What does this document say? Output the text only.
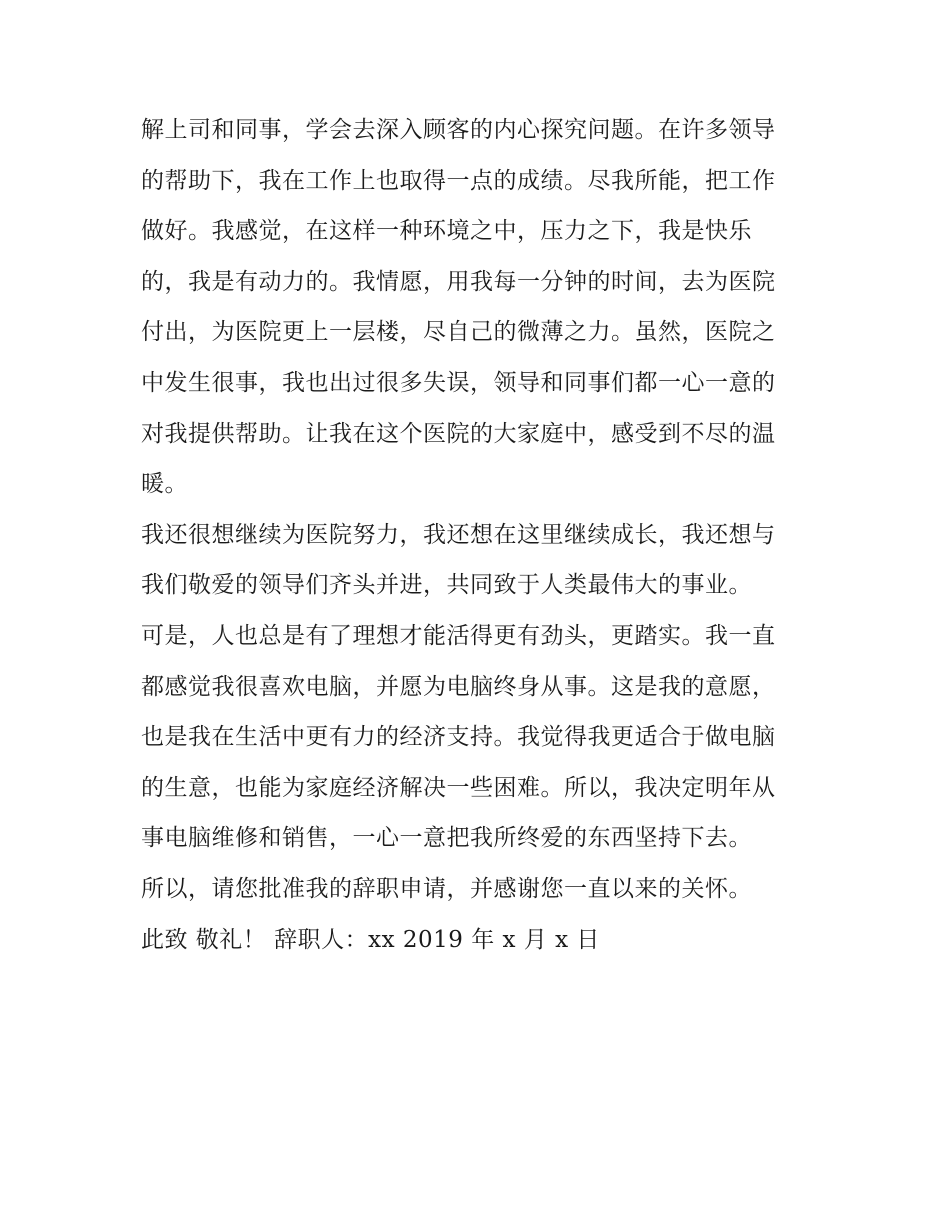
解上司和同事，学会去深入顾客的内心探究问题。在许多领导
的帮助下，我在工作上也取得一点的成绩。尽我所能，把工作
做好。我感觉，在这样一种环境之中，压力之下，我是快乐
的，我是有动力的。我情愿，用我每一分钟的时间，去为医院
付出，为医院更上一层楼，尽自己的微薄之力。虽然，医院之
中发生很事，我也出过很多失误，领导和同事们都一心一意的
对我提供帮助。让我在这个医院的大家庭中，感受到不尽的温
暖。
我还很想继续为医院努力，我还想在这里继续成长，我还想与
我们敬爱的领导们齐头并进，共同致于人类最伟大的事业。
可是，人也总是有了理想才能活得更有劲头，更踏实。我一直
都感觉我很喜欢电脑，并愿为电脑终身从事。这是我的意愿，
也是我在生活中更有力的经济支持。我觉得我更适合于做电脑
的生意，也能为家庭经济解决一些困难。所以，我决定明年从
事电脑维修和销售，一心一意把我所终爱的东西坚持下去。
所以，请您批准我的辞职申请，并感谢您一直以来的关怀。
此致 敬礼！ 辞职人：xx 2019 年 x 月 x 日
